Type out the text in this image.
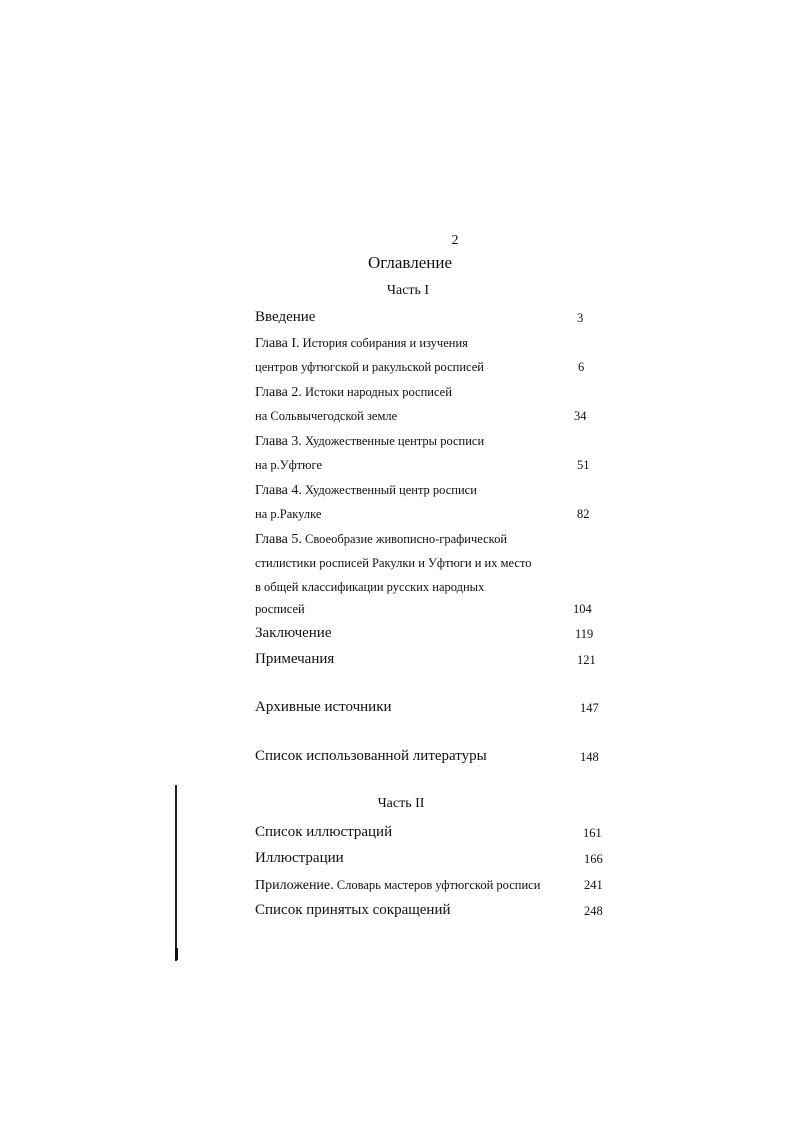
2
Оглавление
Часть I
Введение	3
Глава I. История собирания и изучения
центров уфтюгской и ракульской росписей	6
Глава 2. Истоки народных росписей
на Сольвычегодской земле	34
Глава 3. Художественные центры росписи
на р.Уфтюге	51
Глава 4. Художественный центр росписи
на р.Ракулке	82
Глава 5. Своеобразие живописно-графической
стилистики росписей Ракулки и Уфтюги и их место
в общей классификации русских народных
росписей	104
Заключение	119
Примечания	121
Архивные источники	147
Список использованной литературы	148
Часть II
Список иллюстраций	161
Иллюстрации	166
Приложение. Словарь мастеров уфтюгской росписи	241
Список принятых сокращений	248
